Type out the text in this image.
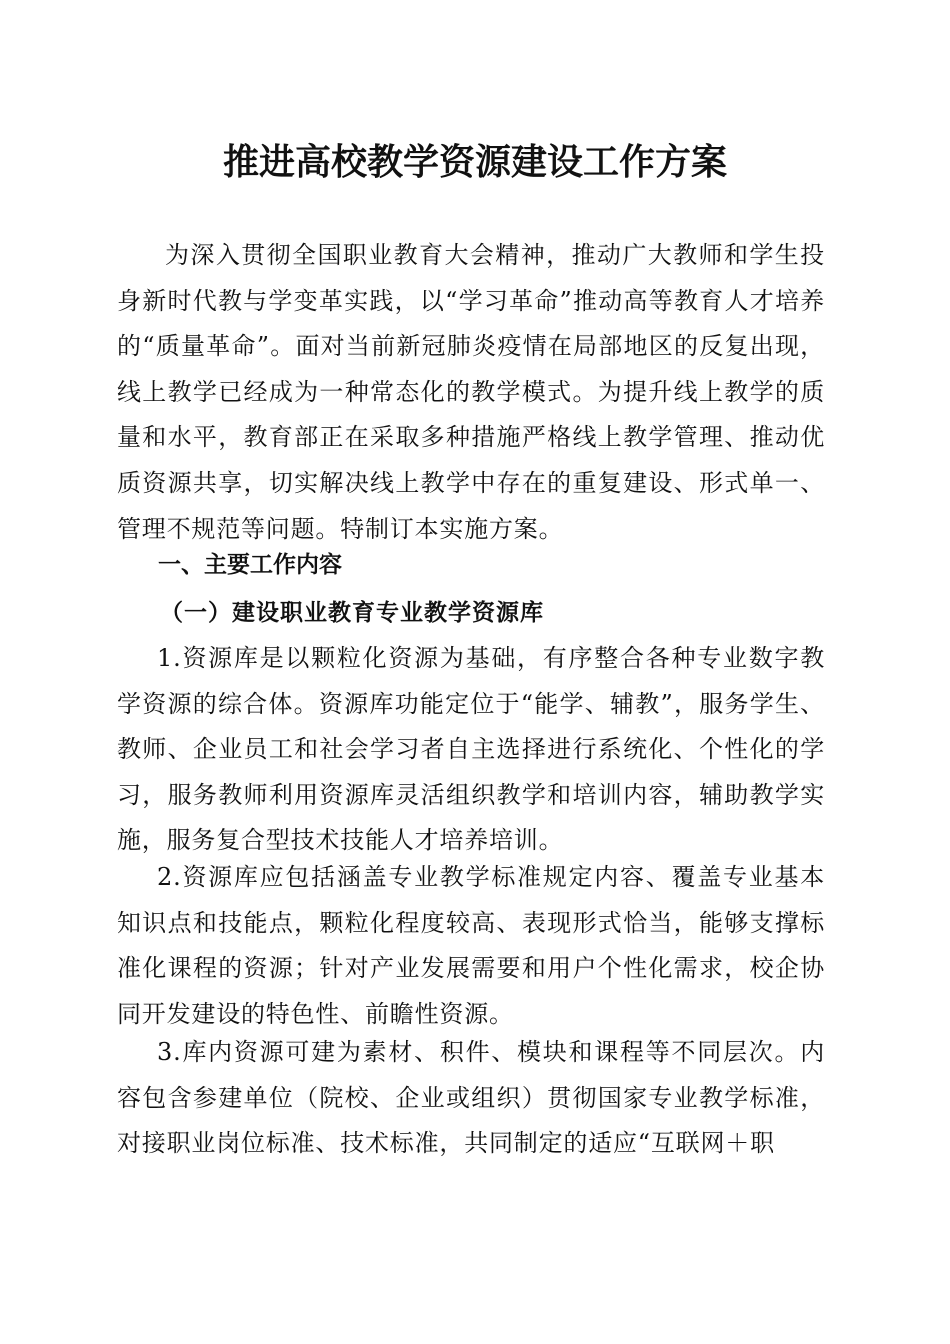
推进高校教学资源建设工作方案

为深入贯彻全国职业教育大会精神，推动广大教师和学生投身新时代教与学变革实践，以“学习革命”推动高等教育人才培养的“质量革命”。面对当前新冠肺炎疫情在局部地区的反复出现，线上教学已经成为一种常态化的教学模式。为提升线上教学的质量和水平，教育部正在采取多种措施严格线上教学管理、推动优质资源共享，切实解决线上教学中存在的重复建设、形式单一、管理不规范等问题。特制订本实施方案。

一、主要工作内容
（一）建设职业教育专业教学资源库

1.资源库是以颗粒化资源为基础，有序整合各种专业数字教学资源的综合体。资源库功能定位于“能学、辅教”，服务学生、教师、企业员工和社会学习者自主选择进行系统化、个性化的学习，服务教师利用资源库灵活组织教学和培训内容，辅助教学实施，服务复合型技术技能人才培养培训。

2.资源库应包括涵盖专业教学标准规定内容、覆盖专业基本知识点和技能点，颗粒化程度较高、表现形式恰当，能够支撑标准化课程的资源；针对产业发展需要和用户个性化需求，校企协同开发建设的特色性、前瞻性资源。

3.库内资源可建为素材、积件、模块和课程等不同层次。内容包含参建单位（院校、企业或组织）贯彻国家专业教学标准，对接职业岗位标准、技术标准，共同制定的适应“互联网＋职
